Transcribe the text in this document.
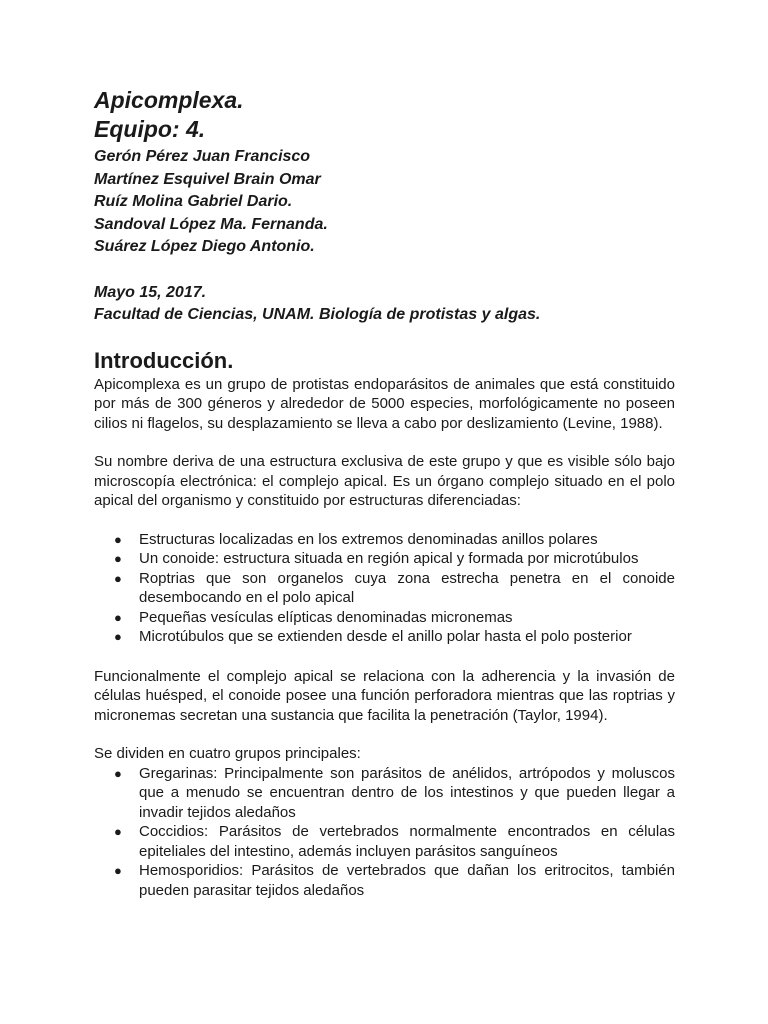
Apicomplexa.
Equipo: 4.
Gerón Pérez Juan Francisco
Martínez Esquivel Brain Omar
Ruíz Molina Gabriel Dario.
Sandoval López Ma. Fernanda.
Suárez López Diego Antonio.
Mayo 15, 2017.
Facultad de Ciencias, UNAM. Biología de protistas y algas.
Introducción.

Apicomplexa es un grupo de protistas endoparásitos de animales que está constituido por más de 300 géneros y alrededor de 5000 especies, morfológicamente no poseen cilios ni flagelos, su desplazamiento se lleva a cabo por deslizamiento (Levine, 1988).

Su nombre deriva de una estructura exclusiva de este grupo y que es visible sólo bajo microscopía electrónica: el complejo apical. Es un órgano complejo situado en el polo apical del organismo y constituido por estructuras diferenciadas:

● Estructuras localizadas en los extremos denominadas anillos polares
● Un conoide: estructura situada en región apical y formada por microtúbulos
● Roptrias que son organelos cuya zona estrecha penetra en el conoide desembocando en el polo apical
● Pequeñas vesículas elípticas denominadas micronemas
● Microtúbulos que se extienden desde el anillo polar hasta el polo posterior

Funcionalmente el complejo apical se relaciona con la adherencia y la invasión de células huésped, el conoide posee una función perforadora mientras que las roptrias y micronemas secretan una sustancia que facilita la penetración (Taylor, 1994).

Se dividen en cuatro grupos principales:

● Gregarinas: Principalmente son parásitos de anélidos, artrópodos y moluscos que a menudo se encuentran dentro de los intestinos y que pueden llegar a invadir tejidos aledaños
● Coccidios: Parásitos de vertebrados normalmente encontrados en células epiteliales del intestino, además incluyen parásitos sanguíneos
● Hemosporidios: Parásitos de vertebrados que dañan los eritrocitos, también pueden parasitar tejidos aledaños
